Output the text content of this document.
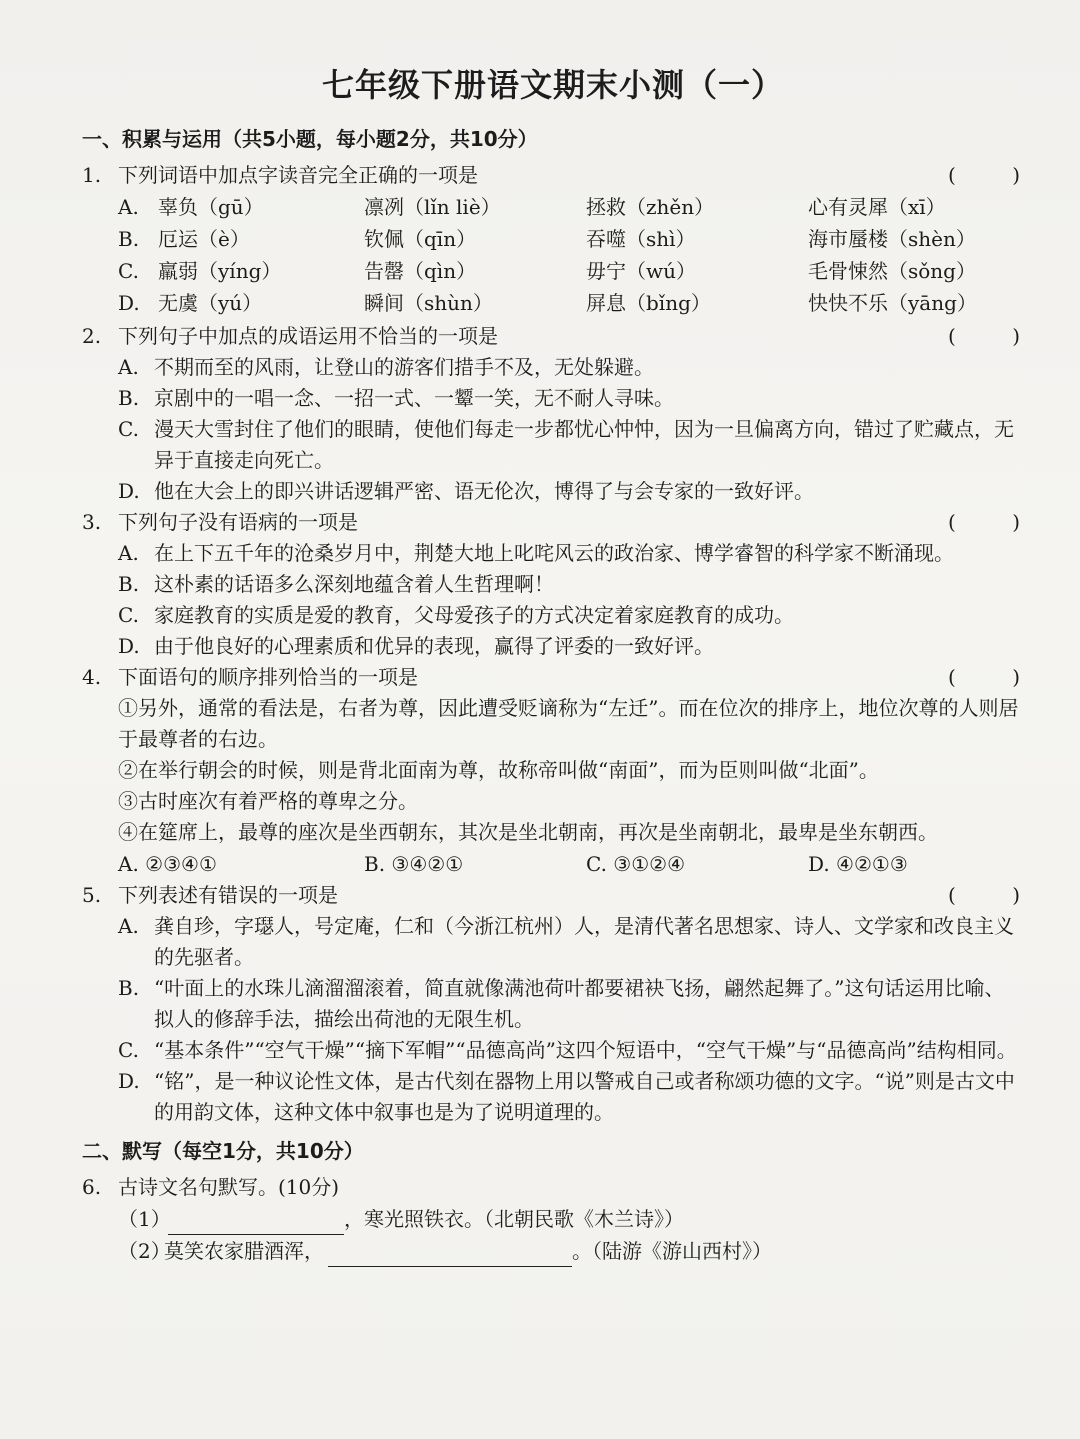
七年级下册语文期末小测（一）
一、积累与运用（共5小题，每小题2分，共10分）
1. 下列词语中加点字读音完全正确的一项是	(	)
A. 辜负（gū）	凛冽（lǐn liè）	拯救（zhěn）	心有灵犀（xī）
B. 厄运（è）	钦佩（qīn）	吞噬（shì）	海市蜃楼（shèn）
C. 羸弱（yíng）	告罄（qìn）	毋宁（wú）	毛骨悚然（sǒng）
D. 无虞（yú）	瞬间（shùn）	屏息（bǐng）	快快不乐（yāng）
2. 下列句子中加点的成语运用不恰当的一项是	(	)
A. 不期而至的风雨，让登山的游客们措手不及，无处躲避。
B. 京剧中的一唱一念、一招一式、一颦一笑，无不耐人寻味。
C. 漫天大雪封住了他们的眼睛，使他们每走一步都忧心忡忡，因为一旦偏离方向，错过了贮藏点，无异于直接走向死亡。
D. 他在大会上的即兴讲话逻辑严密、语无伦次，博得了与会专家的一致好评。
3. 下列句子没有语病的一项是	(	)
A. 在上下五千年的沧桑岁月中，荆楚大地上叱咤风云的政治家、博学睿智的科学家不断涌现。
B. 这朴素的话语多么深刻地蕴含着人生哲理啊！
C. 家庭教育的实质是爱的教育，父母爱孩子的方式决定着家庭教育的成功。
D. 由于他良好的心理素质和优异的表现，赢得了评委的一致好评。
4. 下面语句的顺序排列恰当的一项是	(	)
①另外，通常的看法是，右者为尊，因此遭受贬谪称为“左迁”。而在位次的排序上，地位次尊的人则居于最尊者的右边。
②在举行朝会的时候，则是背北面南为尊，故称帝叫做“南面”，而为臣则叫做“北面”。
③古时座次有着严格的尊卑之分。
④在筵席上，最尊的座次是坐西朝东，其次是坐北朝南，再次是坐南朝北，最卑是坐东朝西。
A. ②③④①	B. ③④②①	C. ③①②④	D. ④②①③
5. 下列表述有错误的一项是	(	)
A. 龚自珍，字璱人，号定庵，仁和（今浙江杭州）人，是清代著名思想家、诗人、文学家和改良主义的先驱者。
B. “叶面上的水珠儿滴溜溜滚着，简直就像满池荷叶都要裙袂飞扬，翩然起舞了。”这句话运用比喻、拟人的修辞手法，描绘出荷池的无限生机。
C. “基本条件”“空气干燥”“摘下军帽”“品德高尚”这四个短语中，“空气干燥”与“品德高尚”结构相同。
D. “铭”，是一种议论性文体，是古代刻在器物上用以警戒自己或者称颂功德的文字。“说”则是古文中的用韵文体，这种文体中叙事也是为了说明道理的。
二、默写（每空1分，共10分）
6. 古诗文名句默写。(10分)
（1）	，寒光照铁衣。（北朝民歌《木兰诗》）
（2）
莫笑农家腊酒浑，	。（陆游《游山西村》）
